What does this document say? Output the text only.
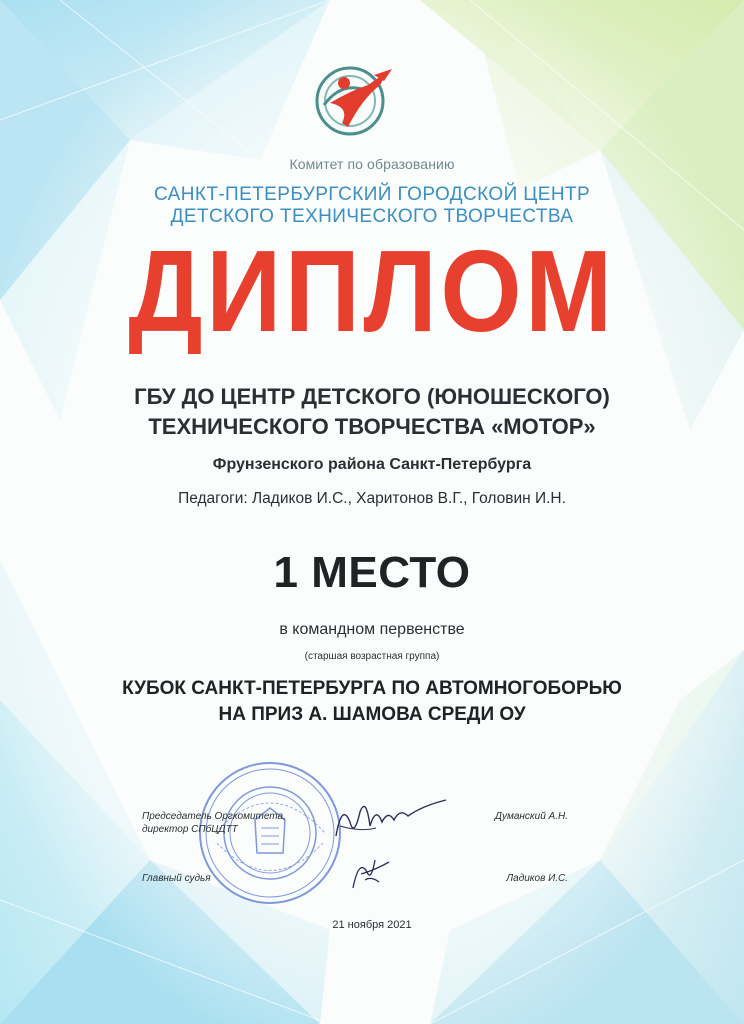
Комитет по образованию
САНКТ-ПЕТЕРБУРГСКИЙ ГОРОДСКОЙ ЦЕНТР
ДЕТСКОГО ТЕХНИЧЕСКОГО ТВОРЧЕСТВА
ДИПЛОМ
ГБУ ДО ЦЕНТР ДЕТСКОГО (ЮНОШЕСКОГО)
ТЕХНИЧЕСКОГО ТВОРЧЕСТВА «МОТОР»
Фрунзенского района Санкт-Петербурга
Педагоги: Ладиков И.С., Харитонов В.Г., Головин И.Н.
1 МЕСТО
в командном первенстве
(старшая возрастная группа)
КУБОК САНКТ-ПЕТЕРБУРГА ПО АВТОМНОГОБОРЬЮ
НА ПРИЗ А. ШАМОВА СРЕДИ ОУ
Председатель Оргкомитета,
директор СПбЦДТТ
Думанский А.Н.
Главный судья	Ладиков И.С.
21 ноября 2021
